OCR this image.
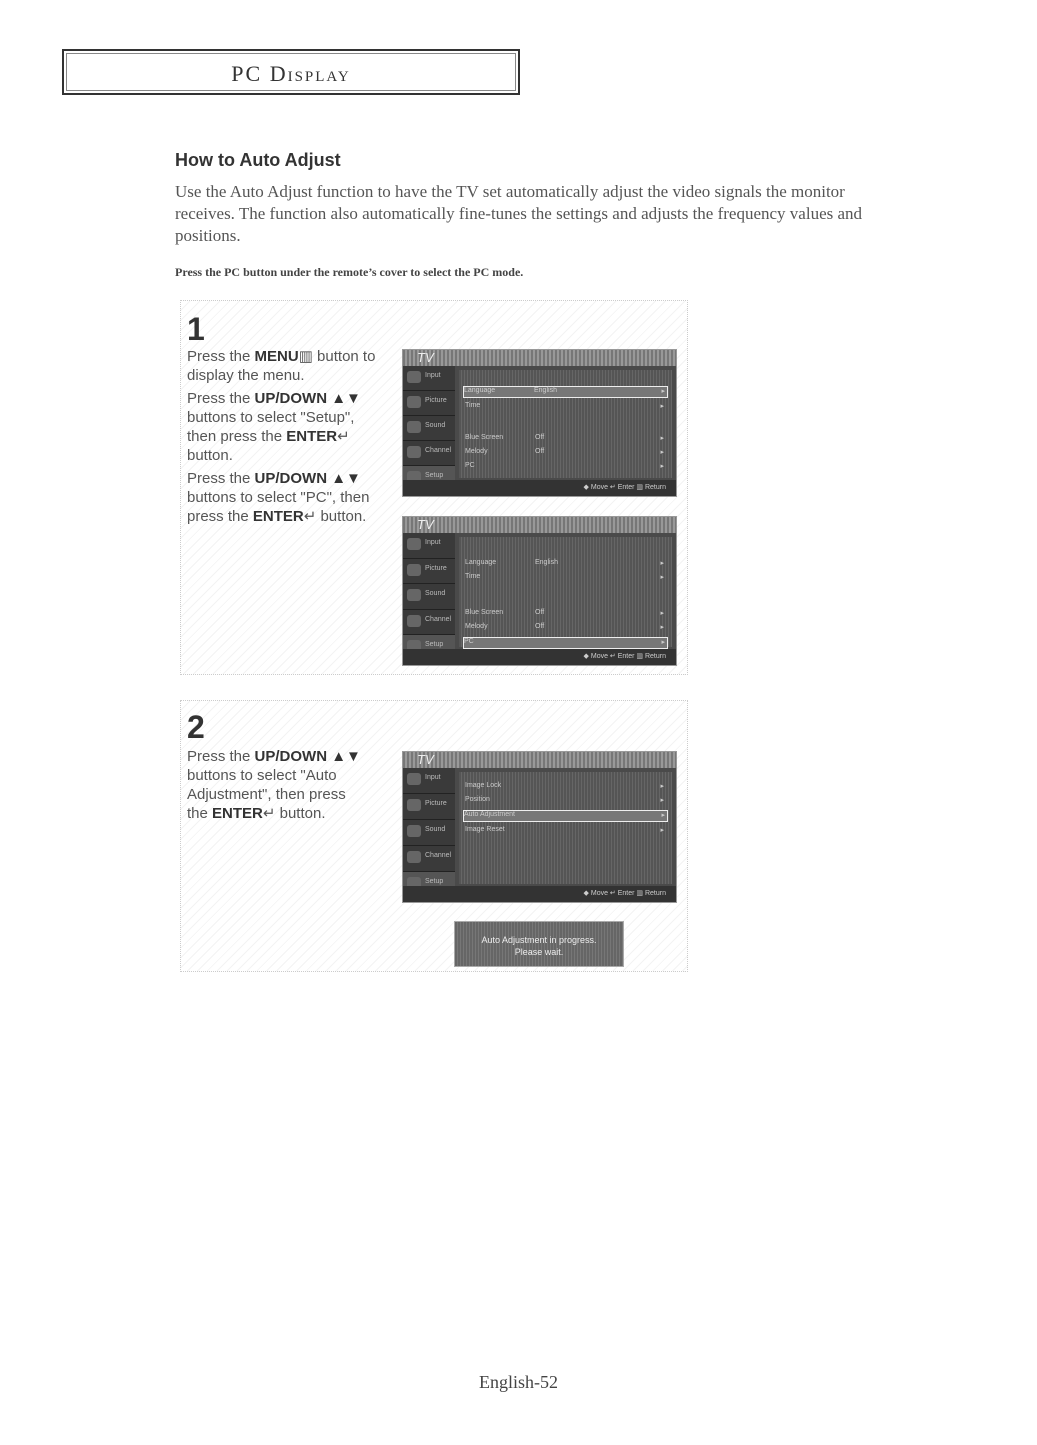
PC Display
How to Auto Adjust
Use the Auto Adjust function to have the TV set automatically adjust the video signals the monitor receives. The function also automatically fine-tunes the settings and adjusts the frequency values and positions.
Press the PC button under the remote’s cover to select the PC mode.
1

Press the MENU▥ button to display the menu.

Press the UP/DOWN ▲▼ buttons to select "Setup", then press the ENTER↵ button.

Press the UP/DOWN ▲▼ buttons to select "PC", then press the ENTER↵ button.

TV
Input
Picture
Sound
Channel
Setup
Language	English	▸
Time	▸
Blue Screen	Off	▸
Melody	Off	▸
PC	▸
◆ Move ↵ Enter ▥ Return
TV
Input
Picture
Sound
Channel
Setup
Language	English	▸
Time	▸
Blue Screen	Off	▸
Melody	Off	▸
PC	▸
◆ Move ↵ Enter ▥ Return
2

Press the UP/DOWN ▲▼ buttons to select "Auto Adjustment", then press the ENTER↵ button.

TV
Input
Picture
Sound
Channel
Setup
Image Lock	▸
Position	▸
Auto Adjustment	▸
Image Reset	▸
◆ Move ↵ Enter ▥ Return
Auto Adjustment in progress.
Please wait.
English-52
